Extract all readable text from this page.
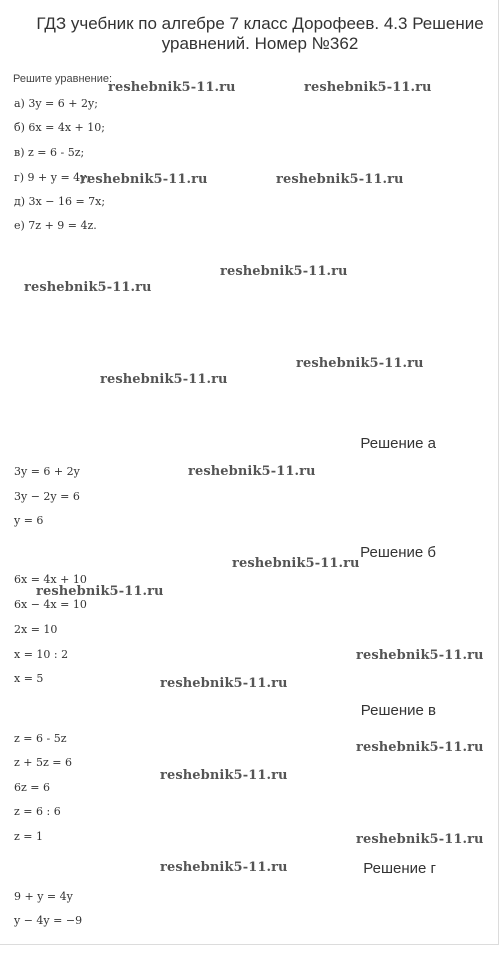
ГДЗ учебник по алгебре 7 класс Дорофеев. 4.3 Решение уравнений. Номер №362
Решите уравнение:
а) 3y = 6 + 2y;
б) 6x = 4x + 10;
в) z = 6 - 5z;
г) 9 + y = 4y;
д) 3x − 16 = 7x;
е) 7z + 9 = 4z.
Решение а
3y = 6 + 2y
3y − 2y = 6
y = 6
Решение б
6x = 4x + 10
6x − 4x = 10
2x = 10
x = 10 : 2
x = 5
Решение в
z = 6 - 5z
z + 5z = 6
6z = 6
z = 6 : 6
z = 1
Решение г
9 + y = 4y
y − 4y = −9
reshebnik5-11.ru	reshebnik5-11.ru
reshebnik5-11.ru	reshebnik5-11.ru
reshebnik5-11.ru
reshebnik5-11.ru
reshebnik5-11.ru
reshebnik5-11.ru
reshebnik5-11.ru
reshebnik5-11.ru
reshebnik5-11.ru
reshebnik5-11.ru
reshebnik5-11.ru
reshebnik5-11.ru
reshebnik5-11.ru
reshebnik5-11.ru
reshebnik5-11.ru
